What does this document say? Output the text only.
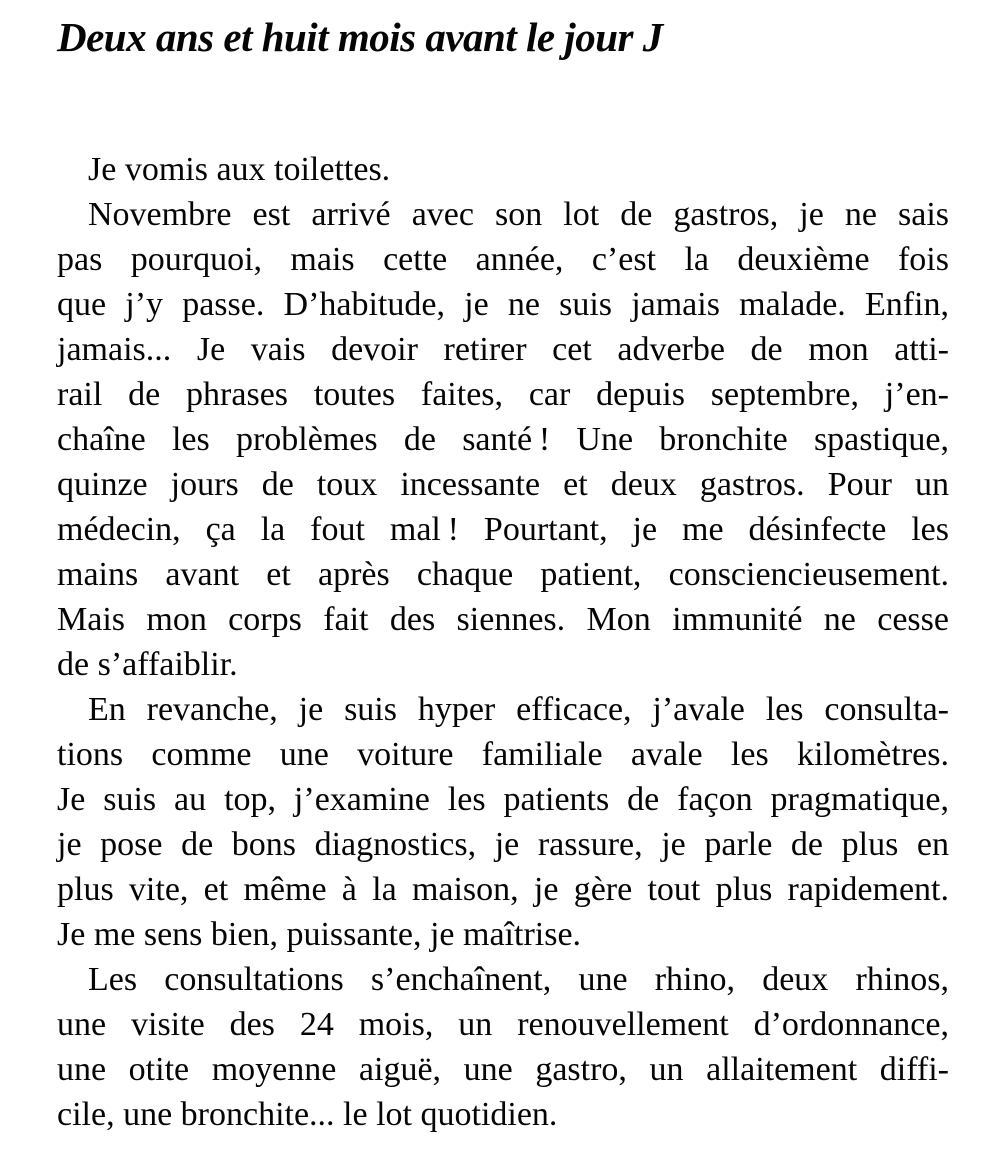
Deux ans et huit mois avant le jour J
Je vomis aux toilettes.
Novembre est arrivé avec son lot de gastros, je ne sais
pas pourquoi, mais cette année, c’est la deuxième fois
que j’y passe. D’habitude, je ne suis jamais malade. Enfin,
jamais... Je vais devoir retirer cet adverbe de mon atti-
rail de phrases toutes faites, car depuis septembre, j’en-
chaîne les problèmes de santé ! Une bronchite spastique,
quinze jours de toux incessante et deux gastros. Pour un
médecin, ça la fout mal ! Pourtant, je me désinfecte les
mains avant et après chaque patient, consciencieusement.
Mais mon corps fait des siennes. Mon immunité ne cesse
de s’affaiblir.
En revanche, je suis hyper efficace, j’avale les consulta-
tions comme une voiture familiale avale les kilomètres.
Je suis au top, j’examine les patients de façon pragmatique,
je pose de bons diagnostics, je rassure, je parle de plus en
plus vite, et même à la maison, je gère tout plus rapidement.
Je me sens bien, puissante, je maîtrise.
Les consultations s’enchaînent, une rhino, deux rhinos,
une visite des 24 mois, un renouvellement d’ordonnance,
une otite moyenne aiguë, une gastro, un allaitement diffi-
cile, une bronchite... le lot quotidien.
